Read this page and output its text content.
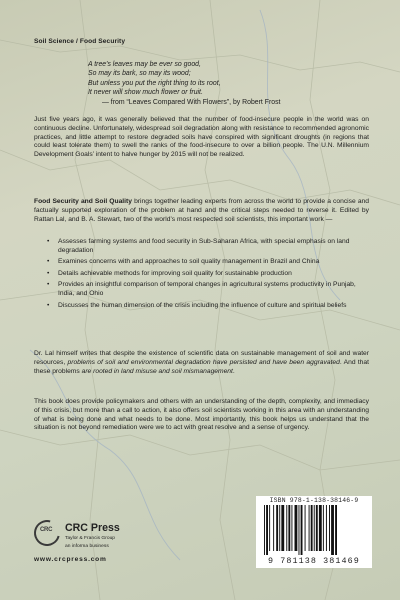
Soil Science / Food Security
A tree's leaves may be ever so good,
So may its bark, so may its wood;
But unless you put the right thing to its root,
It never will show much flower or fruit.
— from “Leaves Compared With Flowers”, by Robert Frost
Just five years ago, it was generally believed that the number of food-insecure people in the world was on continuous decline. Unfortunately, widespread soil degradation along with resistance to recommended agronomic practices, and little attempt to restore degraded soils have conspired with significant droughts (in regions that could least tolerate them) to swell the ranks of the food-insecure to over a billion people. The U.N. Millennium Development Goals’ intent to halve hunger by 2015 will not be realized.
Food Security and Soil Quality brings together leading experts from across the world to provide a concise and factually supported exploration of the problem at hand and the critical steps needed to reverse it. Edited by Rattan Lal, and B. A. Stewart, two of the world’s most respected soil scientists, this important work —
• Assesses farming systems and food security in Sub-Saharan Africa, with special emphasis on land degradation
• Examines concerns with and approaches to soil quality management in Brazil and China
• Details achievable methods for improving soil quality for sustainable production
• Provides an insightful comparison of temporal changes in agricultural systems productivity in Punjab, India, and Ohio
• Discusses the human dimension of the crisis including the influence of culture and spiritual beliefs
Dr. Lal himself writes that despite the existence of scientific data on sustainable management of soil and water resources, problems of soil and environmental degradation have persisted and have been aggravated. And that these problems are rooted in land misuse and soil mismanagement.
This book does provide policymakers and others with an understanding of the depth, complexity, and immediacy of this crisis, but more than a call to action, it also offers soil scientists working in this area with an understanding of what is being done and what needs to be done. Most importantly, this book helps us understand that the situation is not beyond remediation were we to act with great resolve and a sense of urgency.
CRC CRC Press
Taylor & Francis Group
an informa business
www.crcpress.com
ISBN 978-1-138-38146-9
9 781138 381469
